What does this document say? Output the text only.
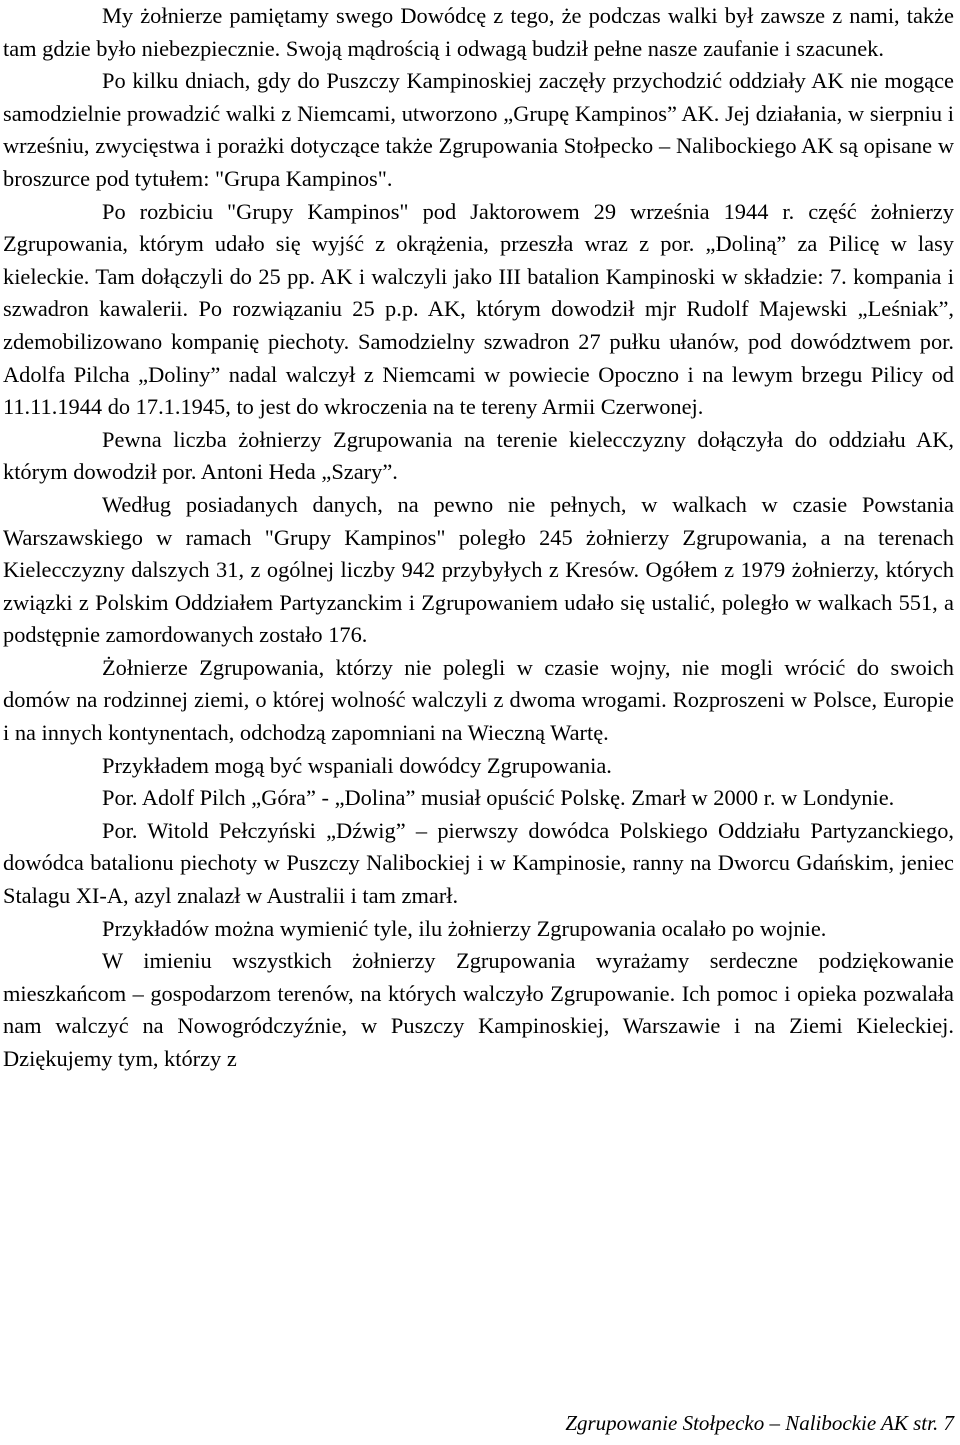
My żołnierze pamiętamy swego Dowódcę z tego, że podczas walki był zawsze z nami, także tam gdzie było niebezpiecznie. Swoją mądrością i odwagą budził pełne nasze zaufanie i szacunek.

Po kilku dniach, gdy do Puszczy Kampinoskiej zaczęły przychodzić oddziały AK nie mogące samodzielnie prowadzić walki z Niemcami, utworzono „Grupę Kampinos” AK. Jej działania, w sierpniu i wrześniu, zwycięstwa i porażki dotyczące także Zgrupowania Stołpecko – Nalibockiego AK są opisane w broszurce pod tytułem: "Grupa Kampinos".

Po rozbiciu "Grupy Kampinos" pod Jaktorowem 29 września 1944 r. część żołnierzy Zgrupowania, którym udało się wyjść z okrążenia, przeszła wraz z por. „Doliną” za Pilicę w lasy kieleckie. Tam dołączyli do 25 pp. AK i walczyli jako III batalion Kampinoski w składzie: 7. kompania i szwadron kawalerii. Po rozwiązaniu 25 p.p. AK, którym dowodził mjr Rudolf Majewski „Leśniak”, zdemobilizowano kompanię piechoty. Samodzielny szwadron 27 pułku ułanów, pod dowództwem por. Adolfa Pilcha „Doliny” nadal walczył z Niemcami w powiecie Opoczno i na lewym brzegu Pilicy od 11.11.1944 do 17.1.1945, to jest do wkroczenia na te tereny Armii Czerwonej.

Pewna liczba żołnierzy Zgrupowania na terenie kielecczyzny dołączyła do oddziału AK, którym dowodził por. Antoni Heda „Szary”.

Według posiadanych danych, na pewno nie pełnych, w walkach w czasie Powstania Warszawskiego w ramach "Grupy Kampinos" poległo 245 żołnierzy Zgrupowania, a na terenach Kielecczyzny dalszych 31, z ogólnej liczby 942 przybyłych z Kresów. Ogółem z 1979 żołnierzy, których związki z Polskim Oddziałem Partyzanckim i Zgrupowaniem udało się ustalić, poległo w walkach 551, a podstępnie zamordowanych zostało 176.

Żołnierze Zgrupowania, którzy nie polegli w czasie wojny, nie mogli wrócić do swoich domów na rodzinnej ziemi, o której wolność walczyli z dwoma wrogami. Rozproszeni w Polsce, Europie i na innych kontynentach, odchodzą zapomniani na Wieczną Wartę.

Przykładem mogą być wspaniali dowódcy Zgrupowania.

Por. Adolf Pilch „Góra” - „Dolina” musiał opuścić Polskę. Zmarł w 2000 r. w Londynie.

Por. Witold Pełczyński „Dźwig” – pierwszy dowódca Polskiego Oddziału Partyzanckiego, dowódca batalionu piechoty w Puszczy Nalibockiej i w Kampinosie, ranny na Dworcu Gdańskim, jeniec Stalagu XI-A, azyl znalazł w Australii i tam zmarł.

Przykładów można wymienić tyle, ilu żołnierzy Zgrupowania ocalało po wojnie.

W imieniu wszystkich żołnierzy Zgrupowania wyrażamy serdeczne podziękowanie mieszkańcom – gospodarzom terenów, na których walczyło Zgrupowanie. Ich pomoc i opieka pozwalała nam walczyć na Nowogródczyźnie, w Puszczy Kampinoskiej, Warszawie i na Ziemi Kieleckiej. Dziękujemy tym, którzy z

Zgrupowanie Stołpecko – Nalibockie AK str. 7
